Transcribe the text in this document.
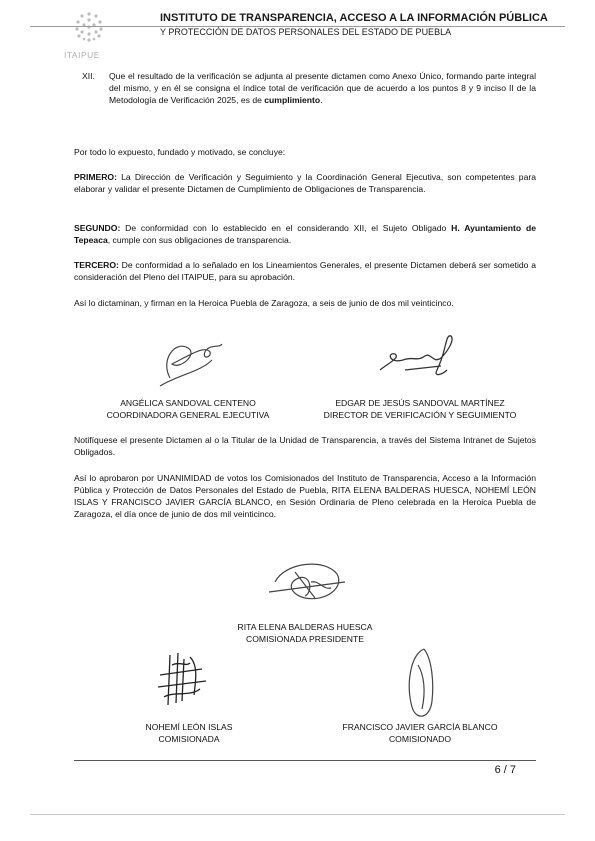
ITAIPUE
INSTITUTO DE TRANSPARENCIA, ACCESO A LA INFORMACIÓN PÚBLICA
Y PROTECCIÓN DE DATOS PERSONALES DEL ESTADO DE PUEBLA
XII. Que el resultado de la verificación se adjunta al presente dictamen como Anexo Único, formando parte integral del mismo, y en él se consigna el índice total de verificación que de acuerdo a los puntos 8 y 9 inciso II de la Metodología de Verificación 2025, es de cumplimiento.
Por todo lo expuesto, fundado y motivado, se concluye:
PRIMERO: La Dirección de Verificación y Seguimiento y la Coordinación General Ejecutiva, son competentes para elaborar y validar el presente Dictamen de Cumplimiento de Obligaciones de Transparencia.
SEGUNDO: De conformidad con lo establecido en el considerando XII, el Sujeto Obligado H. Ayuntamiento de Tepeaca, cumple con sus obligaciones de transparencia.
TERCERO: De conformidad a lo señalado en los Lineamientos Generales, el presente Dictamen deberá ser sometido a consideración del Pleno del ITAIPUE, para su aprobación.
Así lo dictaminan, y firman en la Heroica Puebla de Zaragoza, a seis de junio de dos mil veinticinco.
ANGÉLICA SANDOVAL CENTENO
COORDINADORA GENERAL EJECUTIVA
EDGAR DE JESÚS SANDOVAL MARTÍNEZ
DIRECTOR DE VERIFICACIÓN Y SEGUIMIENTO
Notifíquese el presente Dictamen al o la Titular de la Unidad de Transparencia, a través del Sistema Intranet de Sujetos Obligados.
Así lo aprobaron por UNANIMIDAD de votos los Comisionados del Instituto de Transparencia, Acceso a la Información Pública y Protección de Datos Personales del Estado de Puebla, RITA ELENA BALDERAS HUESCA, NOHEMÍ LEÓN ISLAS Y FRANCISCO JAVIER GARCÍA BLANCO, en Sesión Ordinaria de Pleno celebrada en la Heroica Puebla de Zaragoza, el día once de junio de dos mil veinticinco.
RITA ELENA BALDERAS HUESCA
COMISIONADA PRESIDENTE
NOHEMÍ LEÓN ISLAS
COMISIONADA
FRANCISCO JAVIER GARCÍA BLANCO
COMISIONADO
6 / 7
